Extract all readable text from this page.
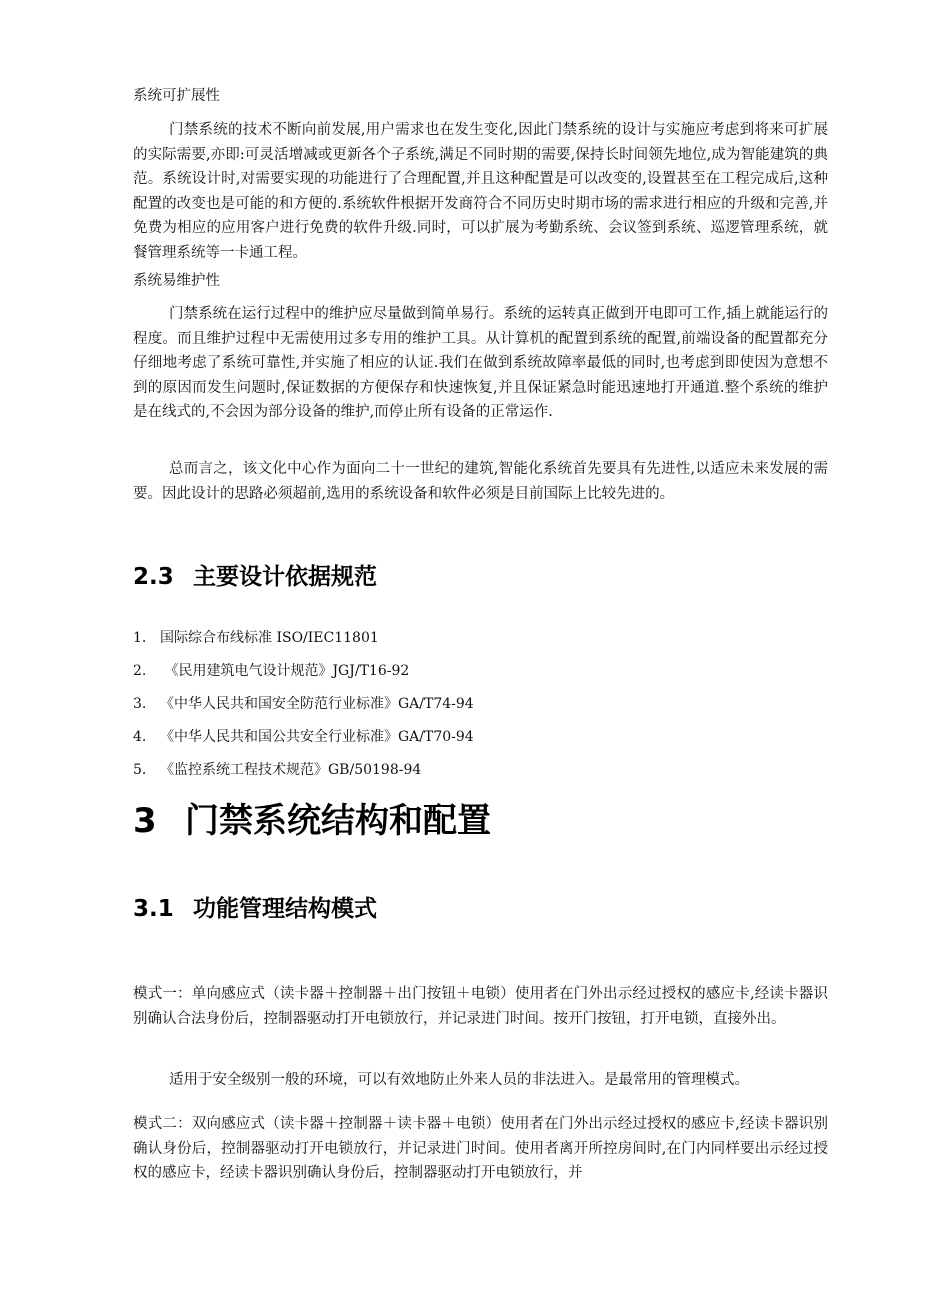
系统可扩展性

门禁系统的技术不断向前发展,用户需求也在发生变化,因此门禁系统的设计与实施应考虑到将来可扩展的实际需要,亦即:可灵活增减或更新各个子系统,满足不同时期的需要,保持长时间领先地位,成为智能建筑的典范。系统设计时,对需要实现的功能进行了合理配置,并且这种配置是可以改变的,设置甚至在工程完成后,这种配置的改变也是可能的和方便的.系统软件根据开发商符合不同历史时期市场的需求进行相应的升级和完善,并免费为相应的应用客户进行免费的软件升级.同时，可以扩展为考勤系统、会议签到系统、巡逻管理系统，就餐管理系统等一卡通工程。

系统易维护性

门禁系统在运行过程中的维护应尽量做到简单易行。系统的运转真正做到开电即可工作,插上就能运行的程度。而且维护过程中无需使用过多专用的维护工具。从计算机的配置到系统的配置,前端设备的配置都充分仔细地考虑了系统可靠性,并实施了相应的认证.我们在做到系统故障率最低的同时,也考虑到即使因为意想不到的原因而发生问题时,保证数据的方便保存和快速恢复,并且保证紧急时能迅速地打开通道.整个系统的维护是在线式的,不会因为部分设备的维护,而停止所有设备的正常运作.

总而言之，该文化中心作为面向二十一世纪的建筑,智能化系统首先要具有先进性,以适应未来发展的需要。因此设计的思路必须超前,选用的系统设备和软件必须是目前国际上比较先进的。

2.3 主要设计依据规范
1. 国际综合布线标准 ISO/IEC11801
2. 《民用建筑电气设计规范》JGJ/T16-92
3. 《中华人民共和国安全防范行业标准》GA/T74-94
4. 《中华人民共和国公共安全行业标准》GA/T70-94
5. 《监控系统工程技术规范》GB/50198-94
3 门禁系统结构和配置
3.1 功能管理结构模式

模式一：单向感应式（读卡器＋控制器＋出门按钮＋电锁）使用者在门外出示经过授权的感应卡,经读卡器识别确认合法身份后，控制器驱动打开电锁放行，并记录进门时间。按开门按钮，打开电锁，直接外出。

适用于安全级别一般的环境，可以有效地防止外来人员的非法进入。是最常用的管理模式。

模式二：双向感应式（读卡器＋控制器＋读卡器＋电锁）使用者在门外出示经过授权的感应卡,经读卡器识别确认身份后，控制器驱动打开电锁放行，并记录进门时间。使用者离开所控房间时,在门内同样要出示经过授权的感应卡，经读卡器识别确认身份后，控制器驱动打开电锁放行，并
